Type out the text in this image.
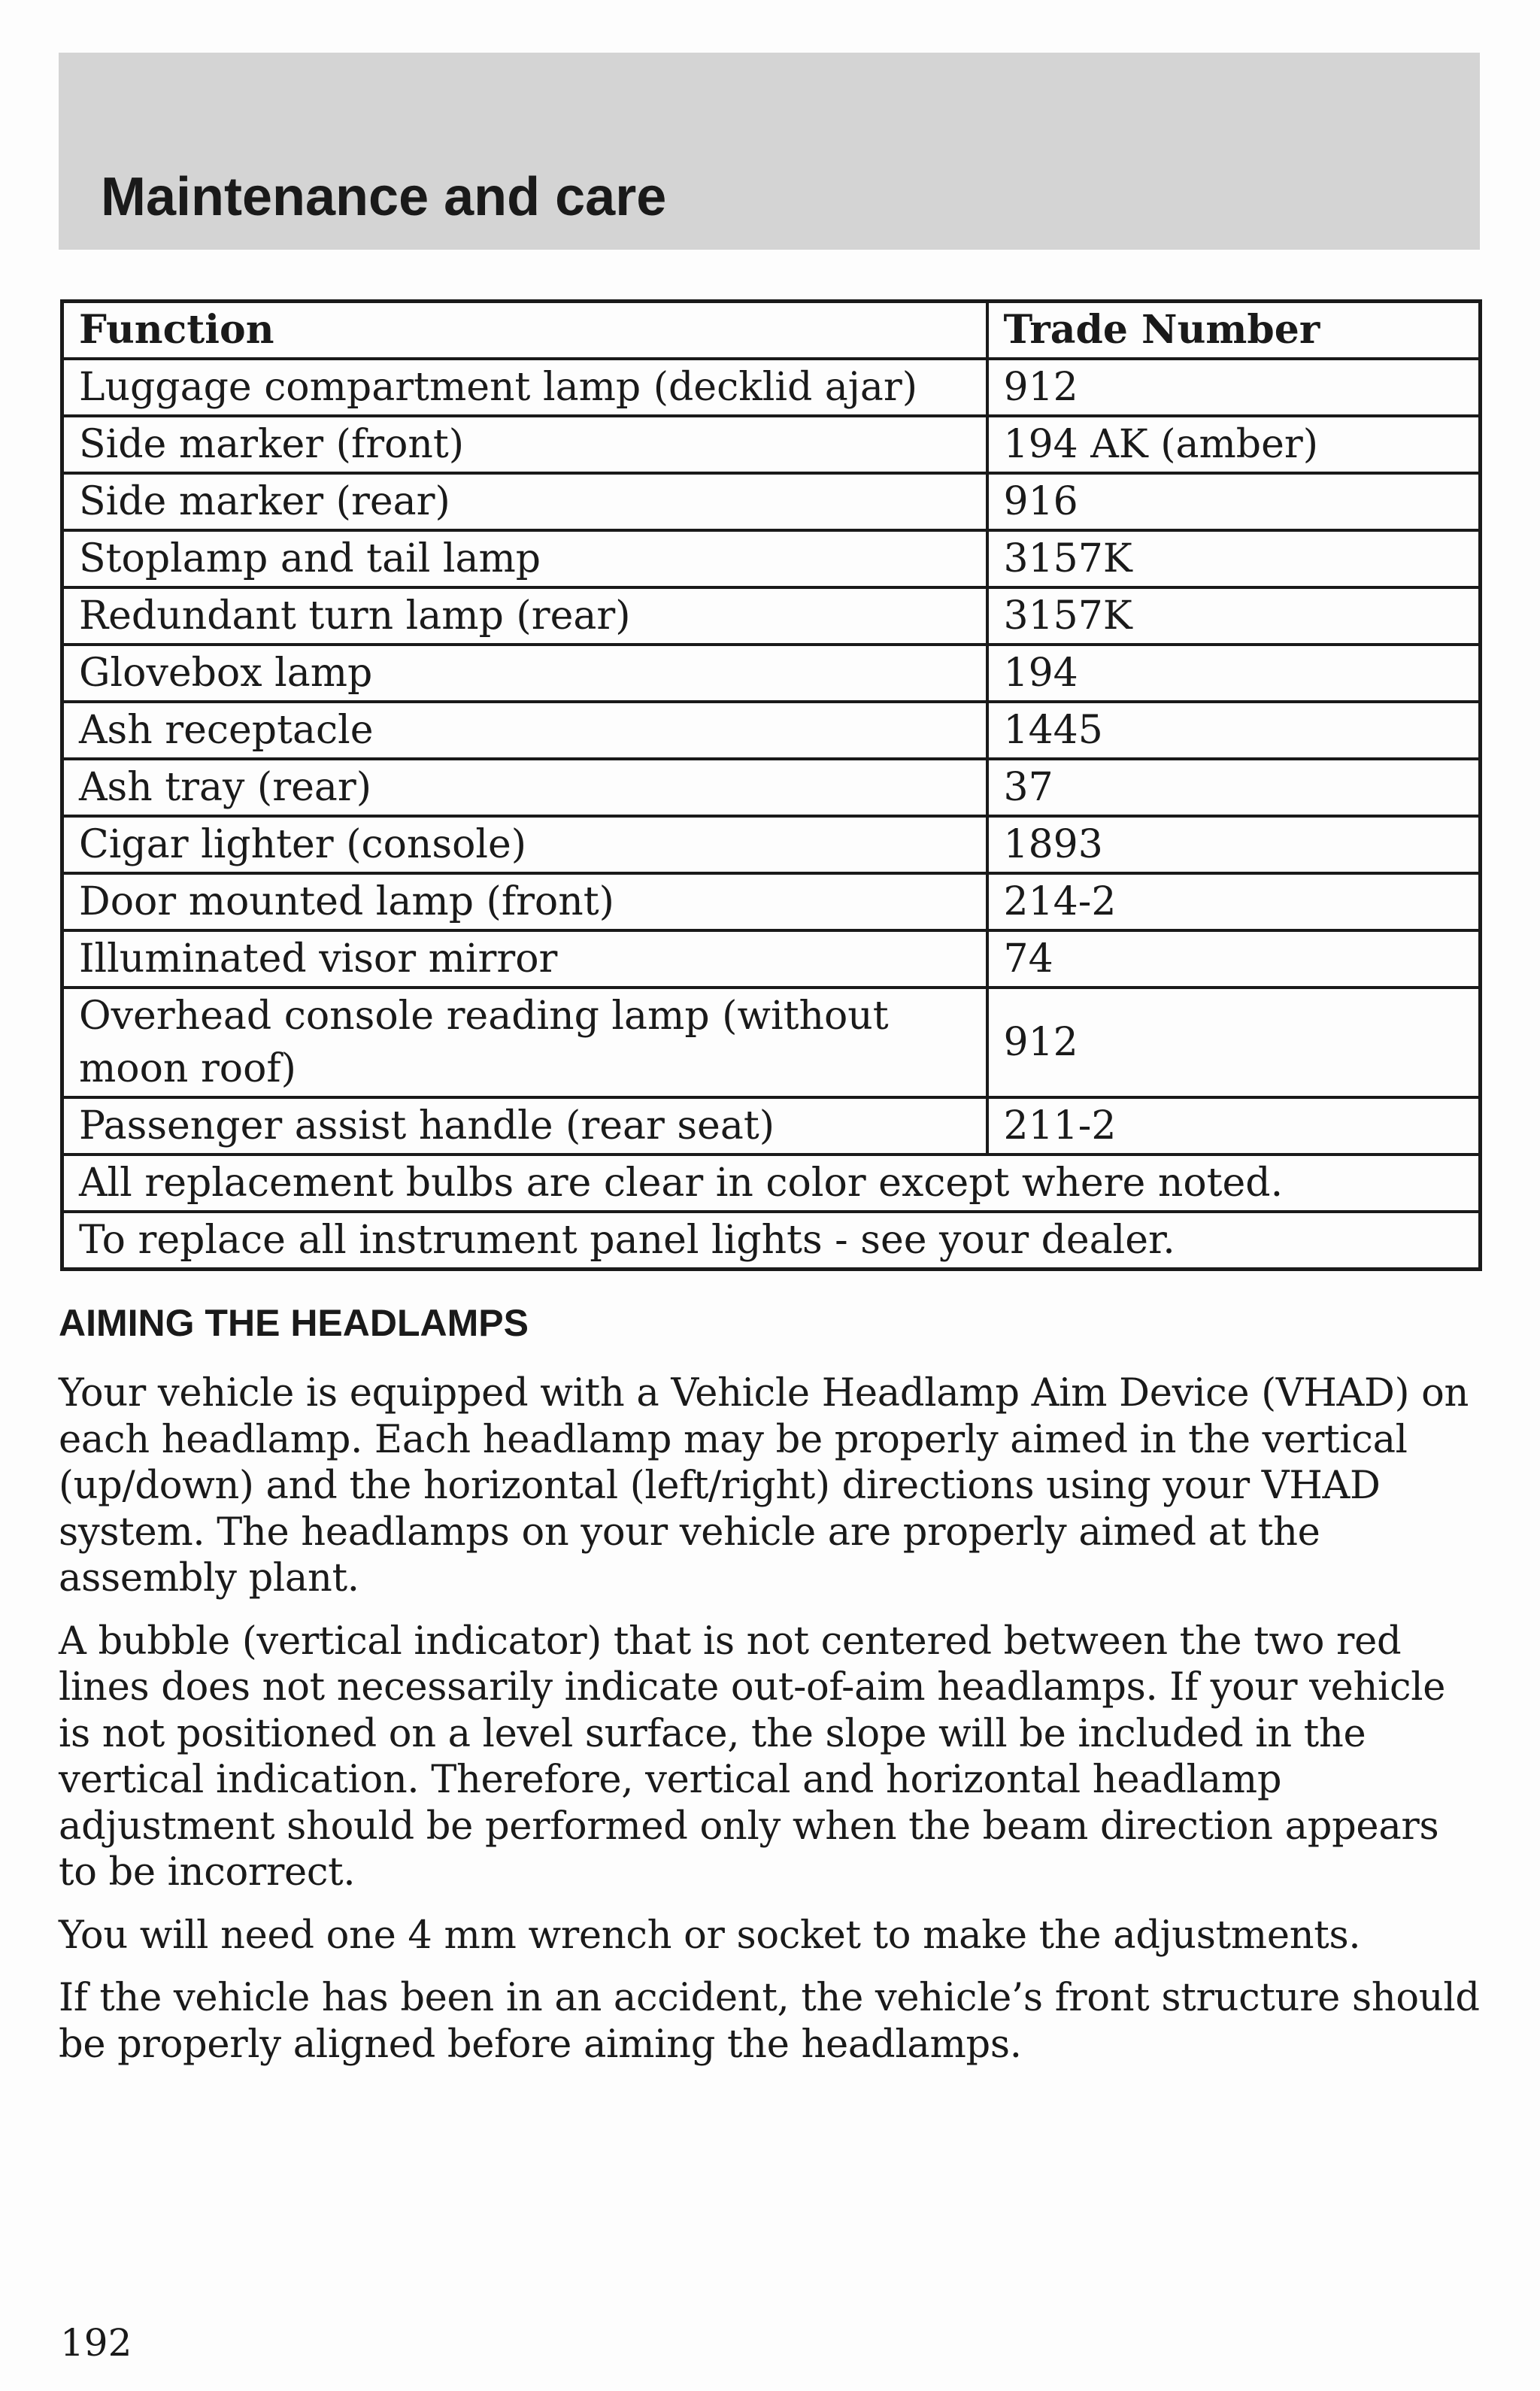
Maintenance and care
Function	Trade Number
Luggage compartment lamp (decklid ajar)	912
Side marker (front)	194 AK (amber)
Side marker (rear)	916
Stoplamp and tail lamp	3157K
Redundant turn lamp (rear)	3157K
Glovebox lamp	194
Ash receptacle	1445
Ash tray (rear)	37
Cigar lighter (console)	1893
Door mounted lamp (front)	214-2
Illuminated visor mirror	74
Overhead console reading lamp (without moon roof)	912
Passenger assist handle (rear seat)	211-2
All replacement bulbs are clear in color except where noted.	
To replace all instrument panel lights - see your dealer.	
AIMING THE HEADLAMPS

Your vehicle is equipped with a Vehicle Headlamp Aim Device (VHAD) on each headlamp. Each headlamp may be properly aimed in the vertical (up/down) and the horizontal (left/right) directions using your VHAD system. The headlamps on your vehicle are properly aimed at the assembly plant.

A bubble (vertical indicator) that is not centered between the two red lines does not necessarily indicate out-of-aim headlamps. If your vehicle is not positioned on a level surface, the slope will be included in the vertical indication. Therefore, vertical and horizontal headlamp adjustment should be performed only when the beam direction appears to be incorrect.

You will need one 4 mm wrench or socket to make the adjustments.

If the vehicle has been in an accident, the vehicle’s front structure should be properly aligned before aiming the headlamps.

192
